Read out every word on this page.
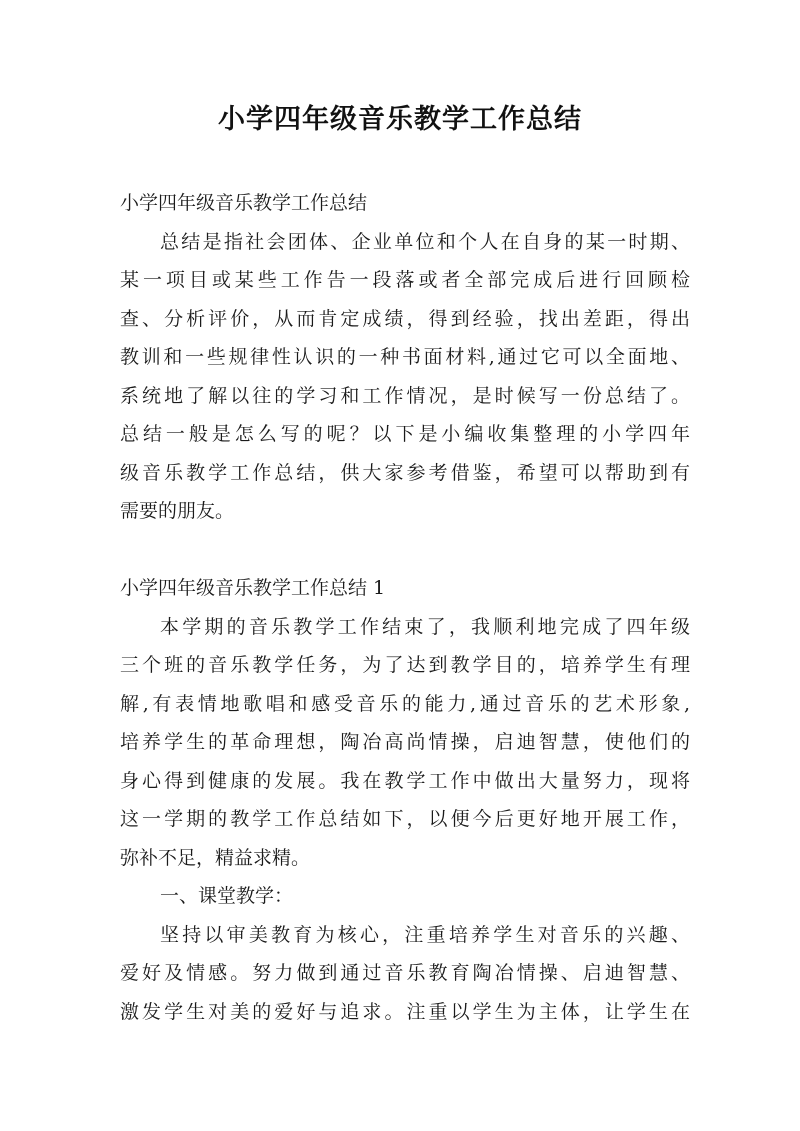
小学四年级音乐教学工作总结
小学四年级音乐教学工作总结
总结是指社会团体、企业单位和个人在自身的某一时期、
某一项目或某些工作告一段落或者全部完成后进行回顾检
查、分析评价，从而肯定成绩，得到经验，找出差距，得出
教训和一些规律性认识的一种书面材料,通过它可以全面地、
系统地了解以往的学习和工作情况，是时候写一份总结了。
总结一般是怎么写的呢？以下是小编收集整理的小学四年
级音乐教学工作总结，供大家参考借鉴，希望可以帮助到有
需要的朋友。
小学四年级音乐教学工作总结 1
本学期的音乐教学工作结束了，我顺利地完成了四年级
三个班的音乐教学任务，为了达到教学目的，培养学生有理
解,有表情地歌唱和感受音乐的能力,通过音乐的艺术形象,
培养学生的革命理想，陶冶高尚情操，启迪智慧，使他们的
身心得到健康的发展。我在教学工作中做出大量努力，现将
这一学期的教学工作总结如下，以便今后更好地开展工作，
弥补不足，精益求精。
一、课堂教学：
坚持以审美教育为核心，注重培养学生对音乐的兴趣、
爱好及情感。努力做到通过音乐教育陶冶情操、启迪智慧、
激发学生对美的爱好与追求。注重以学生为主体，让学生在
